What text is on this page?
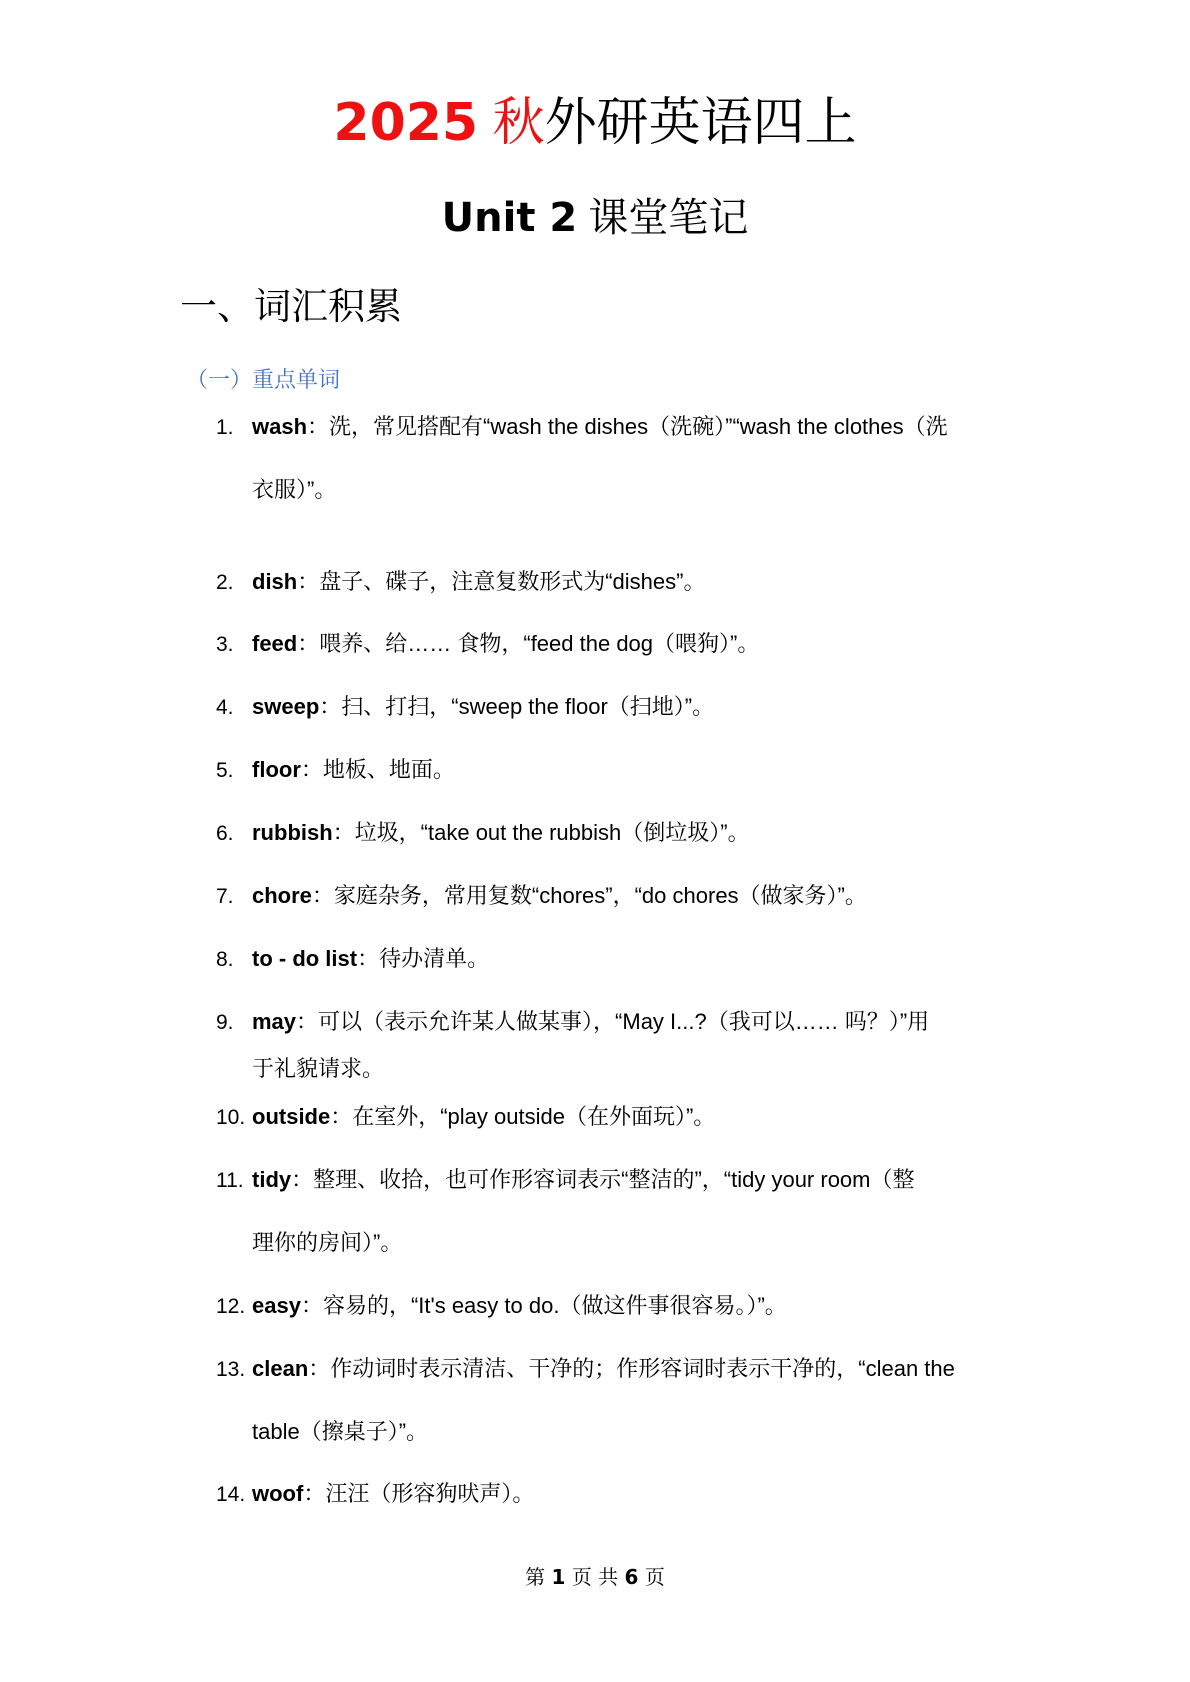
2025 秋外研英语四上
Unit 2 课堂笔记
一、词汇积累
（一）重点单词
1. wash：洗，常见搭配有“wash the dishes（洗碗）”“wash the clothes（洗
衣服）”。
2. dish：盘子、碟子，注意复数形式为“dishes”。
3. feed：喂养、给…… 食物，“feed the dog（喂狗）”。
4. sweep：扫、打扫，“sweep the floor（扫地）”。
5. floor：地板、地面。
6. rubbish：垃圾，“take out the rubbish（倒垃圾）”。
7. chore：家庭杂务，常用复数“chores”，“do chores（做家务）”。
8. to - do list：待办清单。
9. may：可以（表示允许某人做某事），“May I...?（我可以…… 吗？）”用
于礼貌请求。
10. outside：在室外，“play outside（在外面玩）”。
11. tidy：整理、收拾，也可作形容词表示“整洁的”，“tidy your room（整
理你的房间）”。
12. easy：容易的，“It's easy to do.（做这件事很容易。）”。
13. clean：作动词时表示清洁、干净的；作形容词时表示干净的，“clean the
table（擦桌子）”。
14. woof：汪汪（形容狗吠声）。
第 1 页 共 6 页
